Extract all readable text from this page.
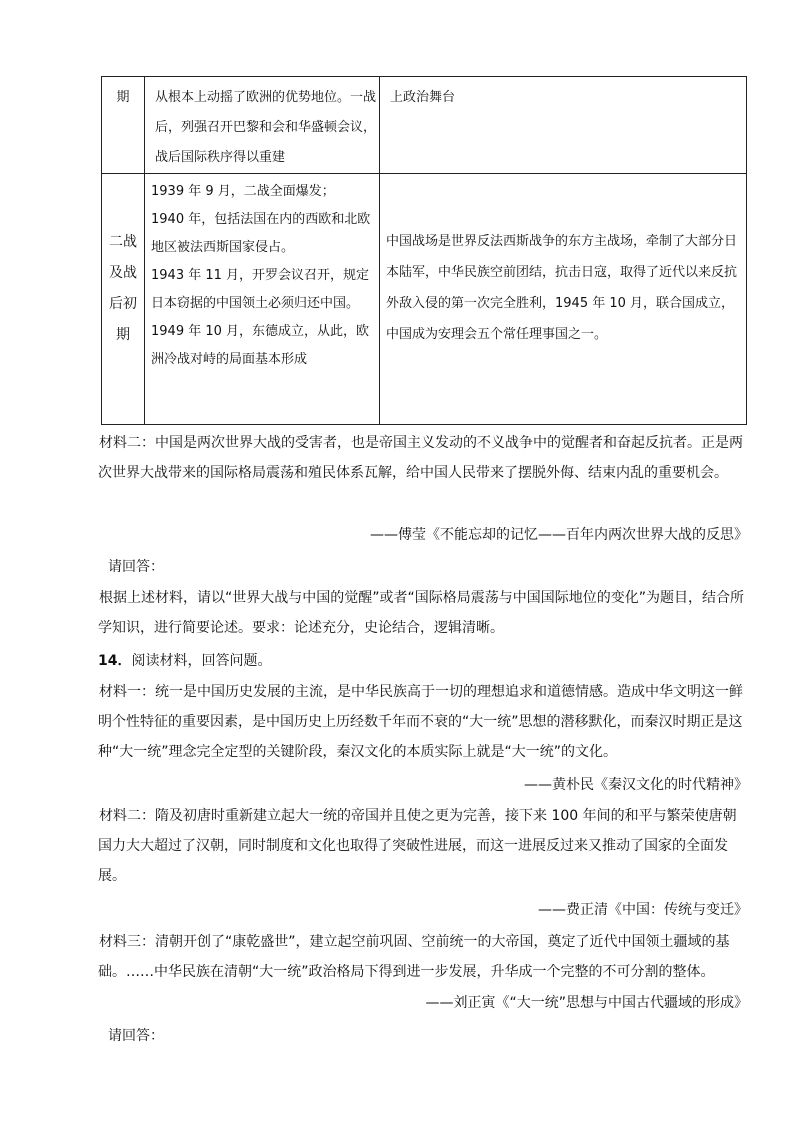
期	从根本上动摇了欧洲的优势地位。一战后，列强召开巴黎和会和华盛顿会议，战后国际秩序得以重建	上政治舞台

二战及战后初期	1939 年 9 月，二战全面爆发；

1940 年，包括法国在内的西欧和北欧地区被法西斯国家侵占。

1943 年 11 月，开罗会议召开，规定日本窃据的中国领土必须归还中国。

1949 年 10 月，东德成立，从此，欧洲冷战对峙的局面基本形成	中国战场是世界反法西斯战争的东方主战场，牵制了大部分日本陆军，中华民族空前团结，抗击日寇，取得了近代以来反抗外敌入侵的第一次完全胜利，1945 年 10 月，联合国成立，中国成为安理会五个常任理事国之一。

材料二：中国是两次世界大战的受害者，也是帝国主义发动的不义战争中的觉醒者和奋起反抗者。正是两次世界大战带来的国际格局震荡和殖民体系瓦解，给中国人民带来了摆脱外侮、结束内乱的重要机会。

——傅莹《不能忘却的记忆——百年内两次世界大战的反思》

请回答：

根据上述材料，请以“世界大战与中国的觉醒”或者“国际格局震荡与中国国际地位的变化”为题目，结合所学知识，进行简要论述。要求：论述充分，史论结合，逻辑清晰。

14．阅读材料，回答问题。

材料一：统一是中国历史发展的主流，是中华民族高于一切的理想追求和道德情感。造成中华文明这一鲜明个性特征的重要因素，是中国历史上历经数千年而不衰的“大一统”思想的潜移默化，而秦汉时期正是这种“大一统”理念完全定型的关键阶段，秦汉文化的本质实际上就是“大一统”的文化。

——黄朴民《秦汉文化的时代精神》

材料二：隋及初唐时重新建立起大一统的帝国并且使之更为完善，接下来 100 年间的和平与繁荣使唐朝国力大大超过了汉朝，同时制度和文化也取得了突破性进展，而这一进展反过来又推动了国家的全面发展。

——费正清《中国：传统与变迁》

材料三：清朝开创了“康乾盛世”，建立起空前巩固、空前统一的大帝国，奠定了近代中国领土疆域的基础。……中华民族在清朝“大一统”政治格局下得到进一步发展，升华成一个完整的不可分割的整体。

——刘正寅《“大一统”思想与中国古代疆域的形成》

请回答：
